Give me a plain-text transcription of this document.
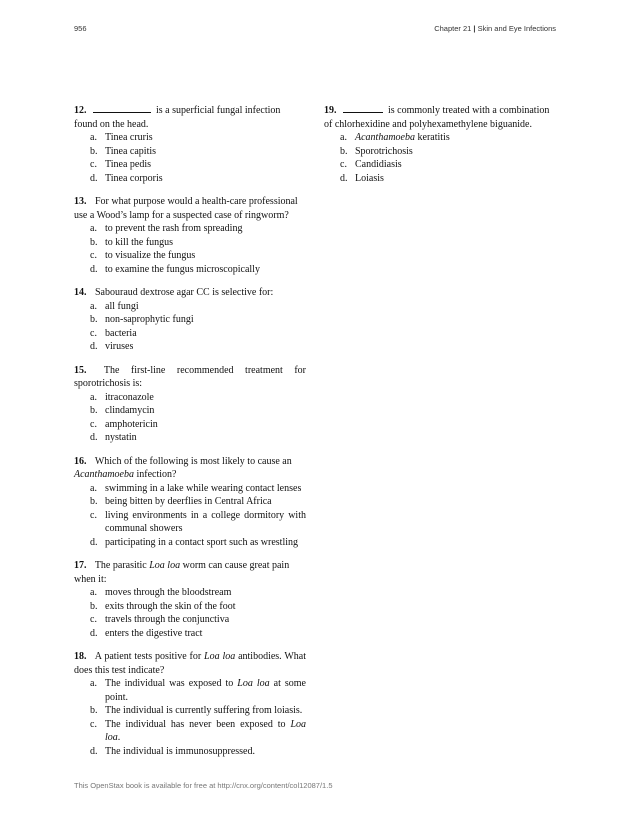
956	Chapter 21 | Skin and Eye Infections

12.	is a superficial fungal infection found on the head.

a. Tinea cruris
b. Tinea capitis
c. Tinea pedis
d. Tinea corporis

13. For what purpose would a health-care professional use a Wood’s lamp for a suspected case of ringworm?

a. to prevent the rash from spreading
b. to kill the fungus
c. to visualize the fungus
d. to examine the fungus microscopically

14. Sabouraud dextrose agar CC is selective for:

a. all fungi
b. non-saprophytic fungi
c. bacteria
d. viruses

15. The first-line recommended treatment for sporotrichosis is:

a. itraconazole
b. clindamycin
c. amphotericin
d. nystatin

16. Which of the following is most likely to cause an Acanthamoeba infection?

a. swimming in a lake while wearing contact lenses
b. being bitten by deerflies in Central Africa
c. living environments in a college dormitory with communal showers
d. participating in a contact sport such as wrestling

17. The parasitic Loa loa worm can cause great pain when it:

a. moves through the bloodstream
b. exits through the skin of the foot
c. travels through the conjunctiva
d. enters the digestive tract

18. A patient tests positive for Loa loa antibodies. What does this test indicate?

a. The individual was exposed to Loa loa at some point.
b. The individual is currently suffering from loiasis.
c. The individual has never been exposed to Loa loa.
d. The individual is immunosuppressed.

19.	is commonly treated with a combination of chlorhexidine and polyhexamethylene biguanide.

a. Acanthamoeba keratitis
b. Sporotrichosis
c. Candidiasis
d. Loiasis
This OpenStax book is available for free at http://cnx.org/content/col12087/1.5
